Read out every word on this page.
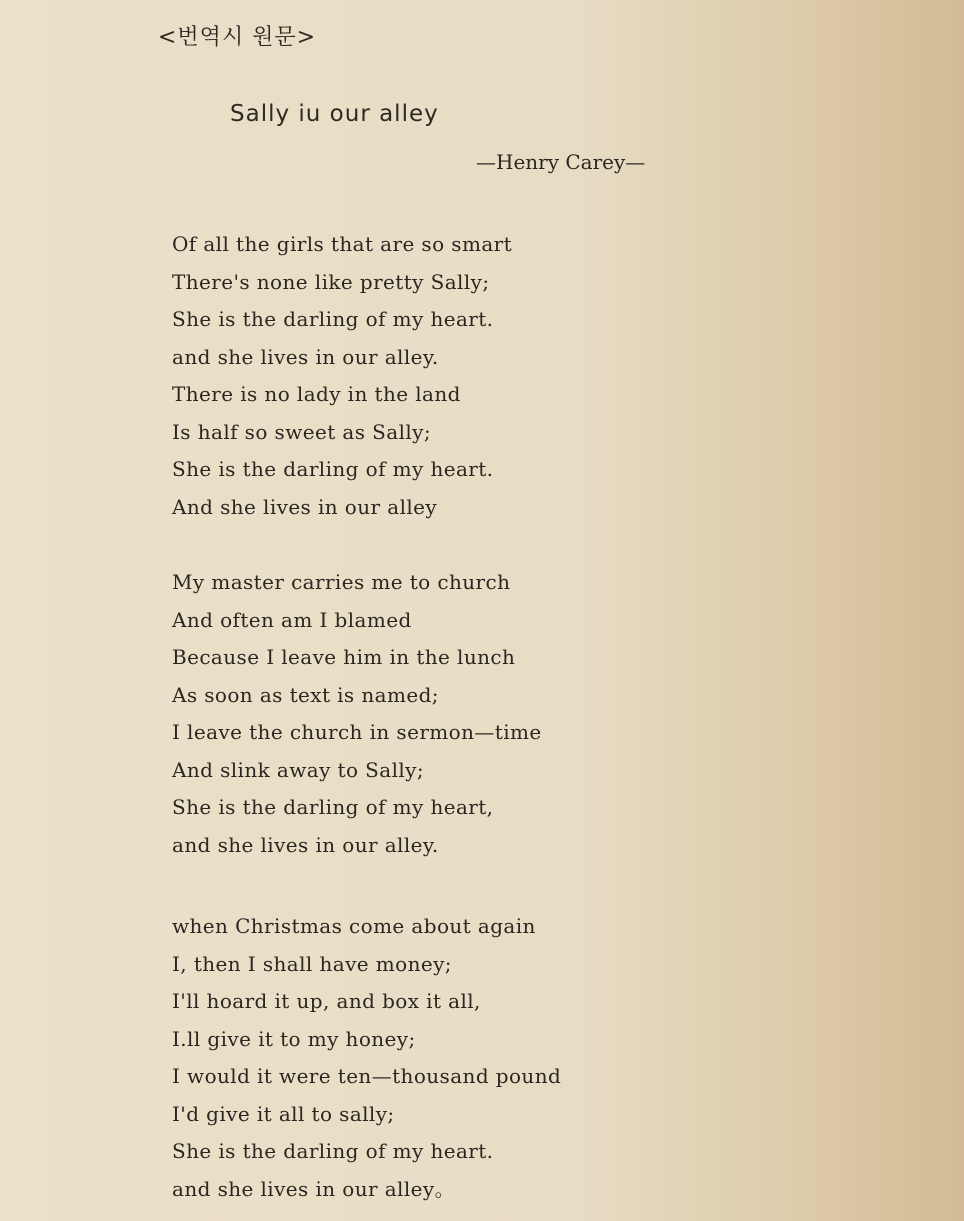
<번역시 원문>
Sally iu our alley
—Henry Carey—
Of all the girls that are so smart
There's none like pretty Sally;
She is the darling of my heart.
and she lives in our alley.
There is no lady in the land
Is half so sweet as Sally;
She is the darling of my heart.
And she lives in our alley
My master carries me to church
And often am I blamed
Because I leave him in the lunch
As soon as text is named;
I leave the church in sermon—time
And slink away to Sally;
She is the darling of my heart,
and she lives in our alley.
when Christmas come about again
I, then I shall have money;
I'll hoard it up, and box it all,
I.ll give it to my honey;
I would it were ten—thousand pound
I'd give it all to sally;
She is the darling of my heart.
and she lives in our alley。
